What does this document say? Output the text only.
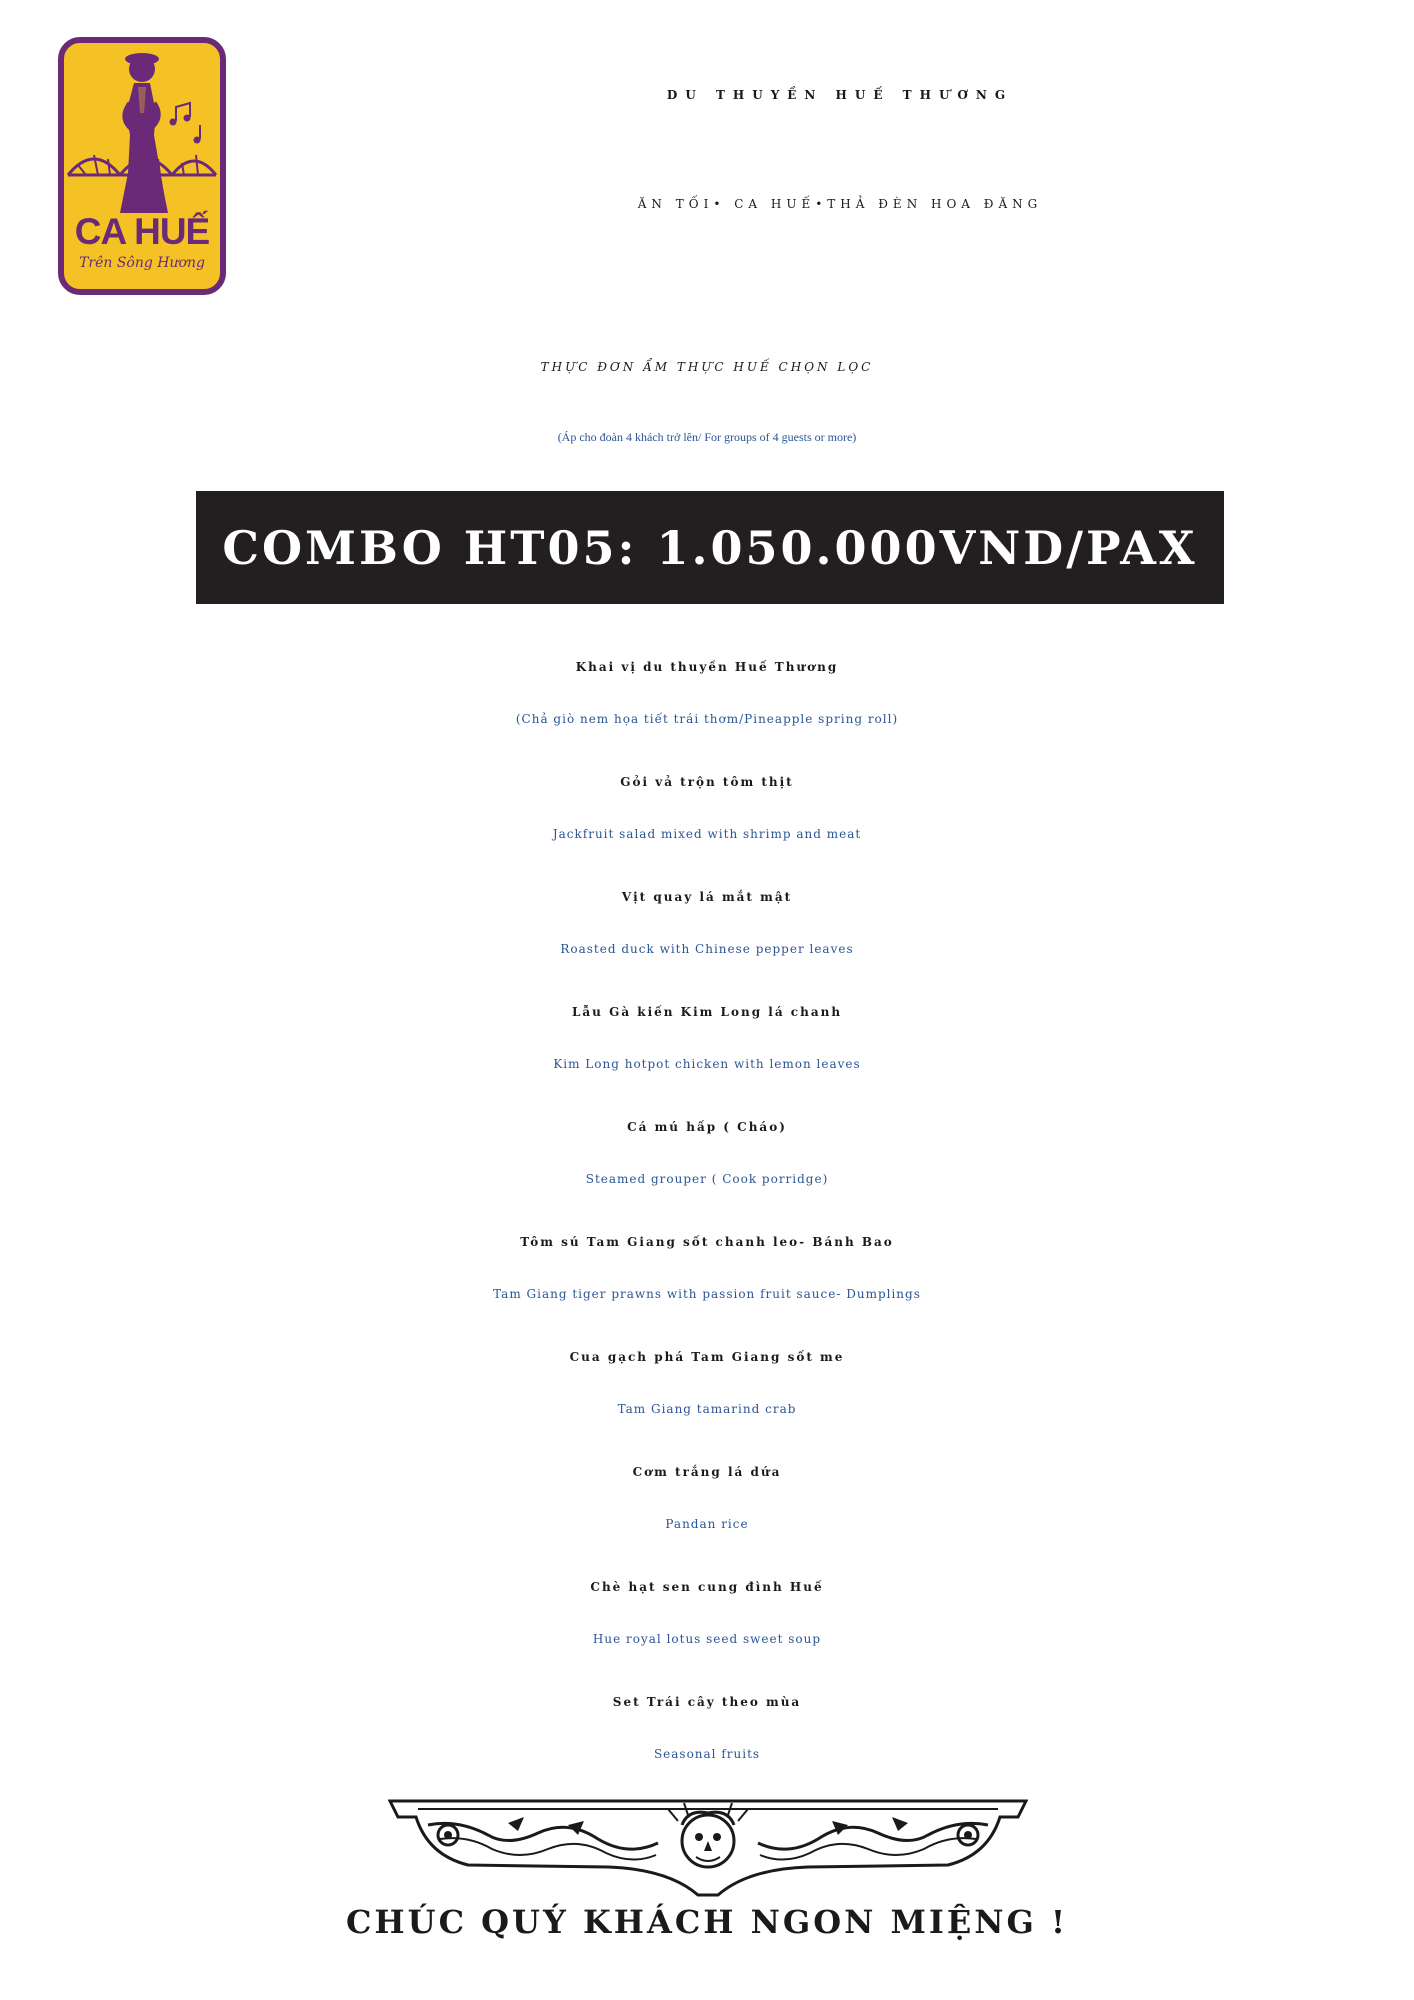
CA HUẾ
Trên Sông Hương
DU THUYỀN HUẾ THƯƠNG
ĂN TỐI• CA HUẾ•THẢ ĐÈN HOA ĐĂNG
THỰC ĐƠN ẨM THỰC HUẾ CHỌN LỌC
(Áp cho đoàn 4 khách trở lên/ For groups of 4 guests or more)
COMBO HT05: 1.050.000VND/PAX
Khai vị du thuyền Huế Thương
(Chả giò nem họa tiết trái thơm/Pineapple spring roll)
Gỏi vả trộn tôm thịt
Jackfruit salad mixed with shrimp and meat
Vịt quay lá mắt mật
Roasted duck with Chinese pepper leaves
Lẫu Gà kiến Kim Long lá chanh
Kim Long hotpot chicken with lemon leaves
Cá mú hấp ( Cháo)
Steamed grouper ( Cook porridge)
Tôm sú Tam Giang sốt chanh leo- Bánh Bao
Tam Giang tiger prawns with passion fruit sauce- Dumplings
Cua gạch phá Tam Giang sốt me
Tam Giang tamarind crab
Cơm trắng lá dứa
Pandan rice
Chè hạt sen cung đình Huế
Hue royal lotus seed sweet soup
Set Trái cây theo mùa
Seasonal fruits
CHÚC QUÝ KHÁCH NGON MIỆNG !
